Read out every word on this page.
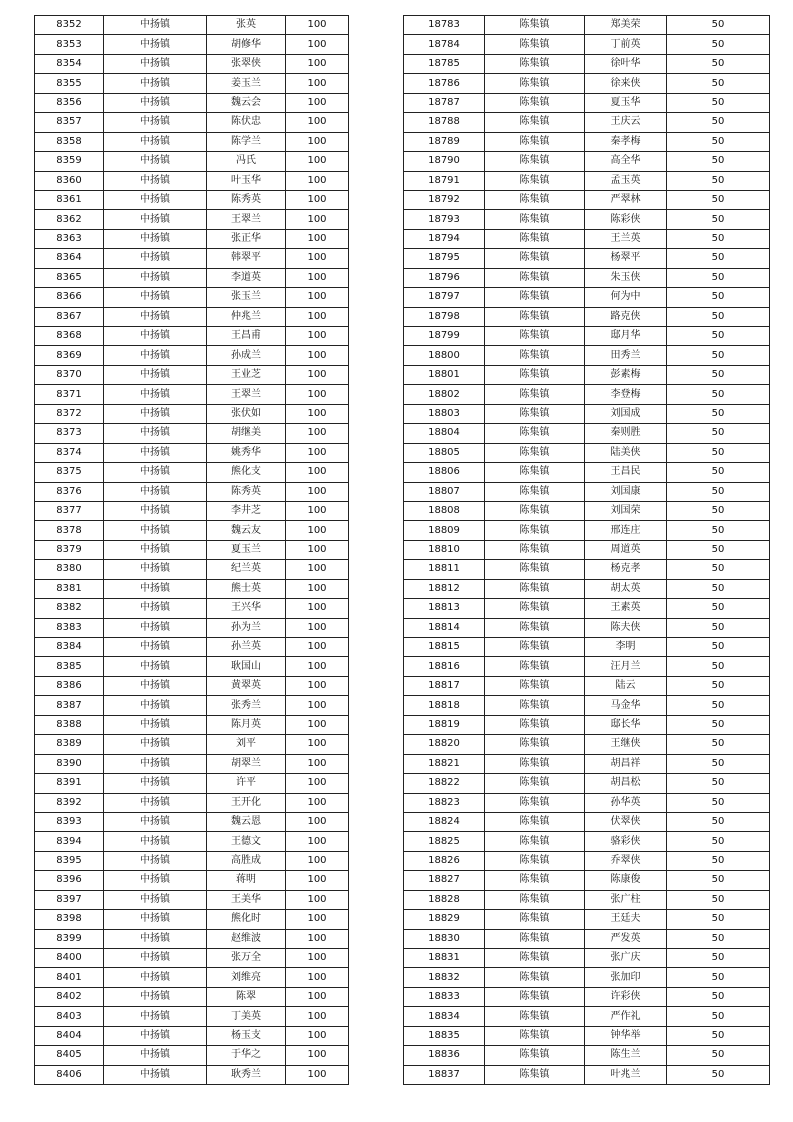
8352	中扬镇	张英	100
8353	中扬镇	胡修华	100
8354	中扬镇	张翠侠	100
8355	中扬镇	姜玉兰	100
8356	中扬镇	魏云会	100
8357	中扬镇	陈伏忠	100
8358	中扬镇	陈学兰	100
8359	中扬镇	冯氏	100
8360	中扬镇	叶玉华	100
8361	中扬镇	陈秀英	100
8362	中扬镇	王翠兰	100
8363	中扬镇	张正华	100
8364	中扬镇	韩翠平	100
8365	中扬镇	李道英	100
8366	中扬镇	张玉兰	100
8367	中扬镇	仲兆兰	100
8368	中扬镇	王昌甫	100
8369	中扬镇	孙成兰	100
8370	中扬镇	王业芝	100
8371	中扬镇	王翠兰	100
8372	中扬镇	张伏如	100
8373	中扬镇	胡继美	100
8374	中扬镇	姚秀华	100
8375	中扬镇	熊化支	100
8376	中扬镇	陈秀英	100
8377	中扬镇	李井芝	100
8378	中扬镇	魏云友	100
8379	中扬镇	夏玉兰	100
8380	中扬镇	纪兰英	100
8381	中扬镇	熊士英	100
8382	中扬镇	王兴华	100
8383	中扬镇	孙为兰	100
8384	中扬镇	孙兰英	100
8385	中扬镇	耿国山	100
8386	中扬镇	黄翠英	100
8387	中扬镇	张秀兰	100
8388	中扬镇	陈月英	100
8389	中扬镇	刘平	100
8390	中扬镇	胡翠兰	100
8391	中扬镇	许平	100
8392	中扬镇	王开化	100
8393	中扬镇	魏云恩	100
8394	中扬镇	王德文	100
8395	中扬镇	高胜成	100
8396	中扬镇	蒋明	100
8397	中扬镇	王美华	100
8398	中扬镇	熊化时	100
8399	中扬镇	赵维波	100
8400	中扬镇	张万全	100
8401	中扬镇	刘维亮	100
8402	中扬镇	陈翠	100
8403	中扬镇	丁美英	100
8404	中扬镇	杨玉支	100
8405	中扬镇	于华之	100
8406	中扬镇	耿秀兰	100
18783	陈集镇	郑美荣	50
18784	陈集镇	丁前英	50
18785	陈集镇	徐叶华	50
18786	陈集镇	徐来侠	50
18787	陈集镇	夏玉华	50
18788	陈集镇	王庆云	50
18789	陈集镇	秦孝梅	50
18790	陈集镇	高全华	50
18791	陈集镇	孟玉英	50
18792	陈集镇	严翠林	50
18793	陈集镇	陈彩侠	50
18794	陈集镇	王兰英	50
18795	陈集镇	杨翠平	50
18796	陈集镇	朱玉侠	50
18797	陈集镇	何为中	50
18798	陈集镇	路克侠	50
18799	陈集镇	邸月华	50
18800	陈集镇	田秀兰	50
18801	陈集镇	彭素梅	50
18802	陈集镇	李登梅	50
18803	陈集镇	刘国成	50
18804	陈集镇	秦则胜	50
18805	陈集镇	陆美侠	50
18806	陈集镇	王昌民	50
18807	陈集镇	刘国康	50
18808	陈集镇	刘国荣	50
18809	陈集镇	邢连庄	50
18810	陈集镇	周道英	50
18811	陈集镇	杨克孝	50
18812	陈集镇	胡太英	50
18813	陈集镇	王素英	50
18814	陈集镇	陈夫侠	50
18815	陈集镇	李明	50
18816	陈集镇	汪月兰	50
18817	陈集镇	陆云	50
18818	陈集镇	马金华	50
18819	陈集镇	邸长华	50
18820	陈集镇	王继侠	50
18821	陈集镇	胡昌祥	50
18822	陈集镇	胡昌松	50
18823	陈集镇	孙华英	50
18824	陈集镇	伏翠侠	50
18825	陈集镇	骆彩侠	50
18826	陈集镇	乔翠侠	50
18827	陈集镇	陈康俊	50
18828	陈集镇	张广柱	50
18829	陈集镇	王廷夫	50
18830	陈集镇	严发英	50
18831	陈集镇	张广庆	50
18832	陈集镇	张加印	50
18833	陈集镇	许彩侠	50
18834	陈集镇	严作礼	50
18835	陈集镇	钟华举	50
18836	陈集镇	陈生兰	50
18837	陈集镇	叶兆兰	50
